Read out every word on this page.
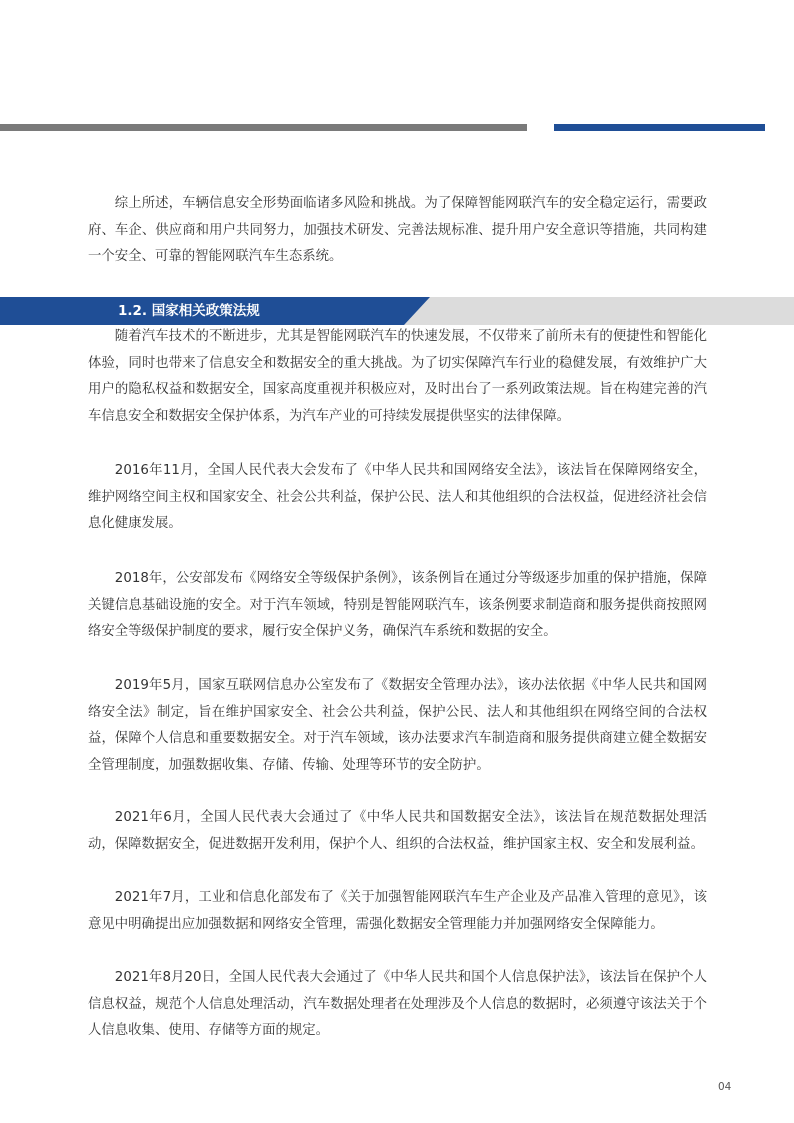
综上所述，车辆信息安全形势面临诸多风险和挑战。为了保障智能网联汽车的安全稳定运行，需要政府、车企、供应商和用户共同努力，加强技术研发、完善法规标准、提升用户安全意识等措施，共同构建一个安全、可靠的智能网联汽车生态系统。

1.2. 国家相关政策法规

随着汽车技术的不断进步，尤其是智能网联汽车的快速发展，不仅带来了前所未有的便捷性和智能化体验，同时也带来了信息安全和数据安全的重大挑战。为了切实保障汽车行业的稳健发展，有效维护广大用户的隐私权益和数据安全，国家高度重视并积极应对，及时出台了一系列政策法规。旨在构建完善的汽车信息安全和数据安全保护体系，为汽车产业的可持续发展提供坚实的法律保障。

2016年11月，全国人民代表大会发布了《中华人民共和国网络安全法》，该法旨在保障网络安全，维护网络空间主权和国家安全、社会公共利益，保护公民、法人和其他组织的合法权益，促进经济社会信息化健康发展。

2018年，公安部发布《网络安全等级保护条例》，该条例旨在通过分等级逐步加重的保护措施，保障关键信息基础设施的安全。对于汽车领域，特别是智能网联汽车，该条例要求制造商和服务提供商按照网络安全等级保护制度的要求，履行安全保护义务，确保汽车系统和数据的安全。

2019年5月，国家互联网信息办公室发布了《数据安全管理办法》，该办法依据《中华人民共和国网络安全法》制定，旨在维护国家安全、社会公共利益，保护公民、法人和其他组织在网络空间的合法权益，保障个人信息和重要数据安全。对于汽车领域，该办法要求汽车制造商和服务提供商建立健全数据安全管理制度，加强数据收集、存储、传输、处理等环节的安全防护。

2021年6月，全国人民代表大会通过了《中华人民共和国数据安全法》，该法旨在规范数据处理活动，保障数据安全，促进数据开发利用，保护个人、组织的合法权益，维护国家主权、安全和发展利益。

2021年7月，工业和信息化部发布了《关于加强智能网联汽车生产企业及产品准入管理的意见》，该意见中明确提出应加强数据和网络安全管理，需强化数据安全管理能力并加强网络安全保障能力。

2021年8月20日，全国人民代表大会通过了《中华人民共和国个人信息保护法》，该法旨在保护个人信息权益，规范个人信息处理活动，汽车数据处理者在处理涉及个人信息的数据时，必须遵守该法关于个人信息收集、使用、存储等方面的规定。

04
